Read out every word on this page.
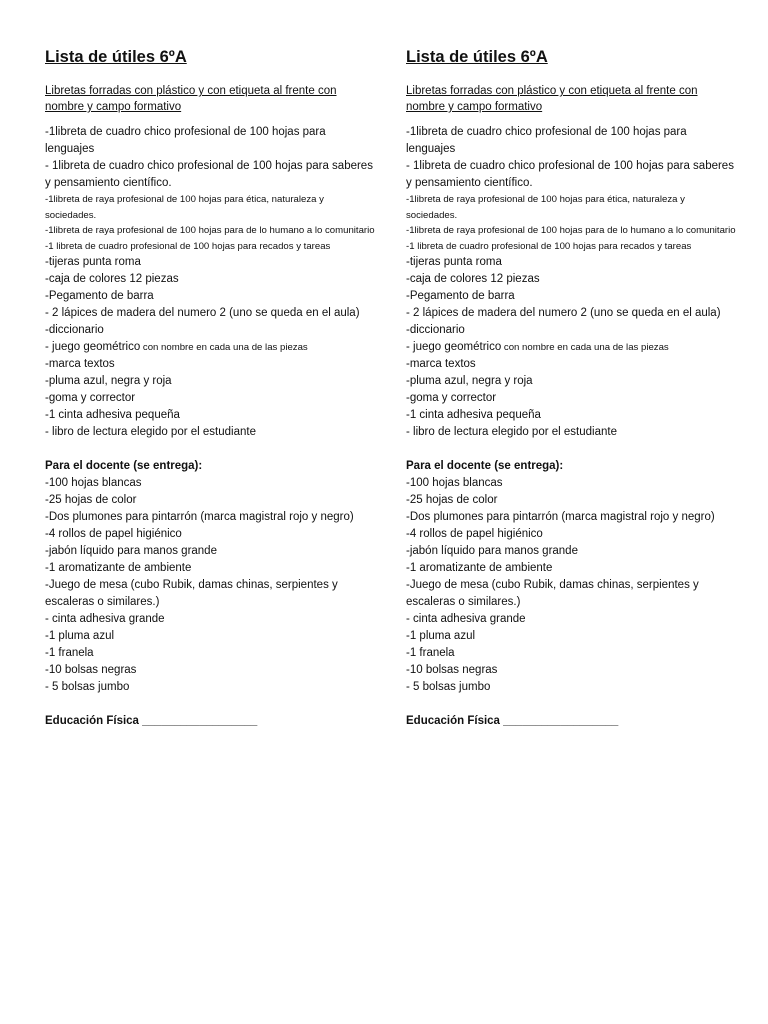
Lista de útiles 6ºA

Libretas forradas con plástico y con etiqueta al frente con nombre y campo formativo

-1libreta de cuadro chico profesional de 100 hojas para lenguajes

- 1libreta de cuadro chico profesional de 100 hojas para saberes y pensamiento científico.

-1libreta de raya profesional de 100 hojas para ética, naturaleza y sociedades.

-1libreta de raya profesional de 100 hojas para de lo humano a lo comunitario

-1 libreta de cuadro profesional de 100 hojas para recados y tareas

-tijeras punta roma

-caja de colores 12 piezas

-Pegamento de barra

- 2 lápices de madera del numero 2 (uno se queda en el aula)

-diccionario

- juego geométrico con nombre en cada una de las piezas

-marca textos

-pluma azul, negra y roja

-goma y corrector

-1 cinta adhesiva pequeña

- libro de lectura elegido por el estudiante

Para el docente (se entrega):

-100 hojas blancas

-25 hojas de color

-Dos plumones para pintarrón (marca magistral rojo y negro)

-4 rollos de papel higiénico

-jabón líquido para manos grande

-1 aromatizante de ambiente

-Juego de mesa (cubo Rubik, damas chinas, serpientes y escaleras o similares.)

- cinta adhesiva grande

-1 pluma azul

-1 franela

-10 bolsas negras

- 5 bolsas jumbo

Educación Física __________________

Lista de útiles 6ºA

Libretas forradas con plástico y con etiqueta al frente con nombre y campo formativo

-1libreta de cuadro chico profesional de 100 hojas para lenguajes

- 1libreta de cuadro chico profesional de 100 hojas para saberes y pensamiento científico.

-1libreta de raya profesional de 100 hojas para ética, naturaleza y sociedades.

-1libreta de raya profesional de 100 hojas para de lo humano a lo comunitario

-1 libreta de cuadro profesional de 100 hojas para recados y tareas

-tijeras punta roma

-caja de colores 12 piezas

-Pegamento de barra

- 2 lápices de madera del numero 2 (uno se queda en el aula)

-diccionario

- juego geométrico con nombre en cada una de las piezas

-marca textos

-pluma azul, negra y roja

-goma y corrector

-1 cinta adhesiva pequeña

- libro de lectura elegido por el estudiante

Para el docente (se entrega):

-100 hojas blancas

-25 hojas de color

-Dos plumones para pintarrón (marca magistral rojo y negro)

-4 rollos de papel higiénico

-jabón líquido para manos grande

-1 aromatizante de ambiente

-Juego de mesa (cubo Rubik, damas chinas, serpientes y escaleras o similares.)

- cinta adhesiva grande

-1 pluma azul

-1 franela

-10 bolsas negras

- 5 bolsas jumbo

Educación Física __________________
